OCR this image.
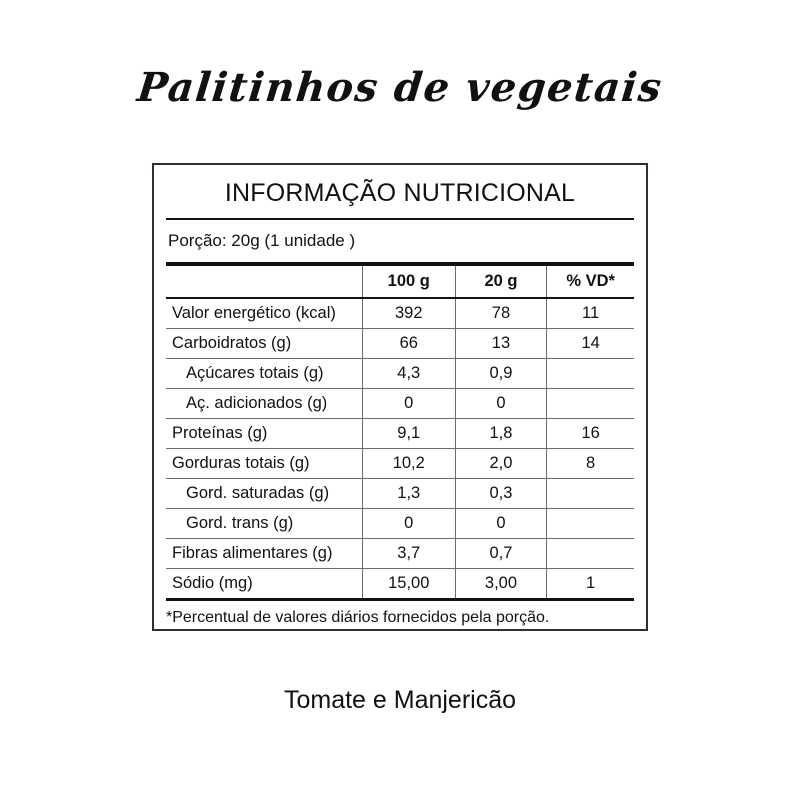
Palitinhos de vegetais
INFORMAÇÃO NUTRICIONAL
Porção: 20g (1 unidade )
	100 g	20 g	% VD*
Valor energético (kcal)	392	78	11
Carboidratos (g)	66	13	14
Açúcares totais (g)	4,3	0,9	
Aç. adicionados (g)	0	0	
Proteínas (g)	9,1	1,8	16
Gorduras totais (g)	10,2	2,0	8
Gord. saturadas (g)	1,3	0,3	
Gord. trans (g)	0	0	
Fibras alimentares (g)	3,7	0,7	
Sódio (mg)	15,00	3,00	1
*Percentual de valores diários fornecidos pela porção.
Tomate e Manjericão
